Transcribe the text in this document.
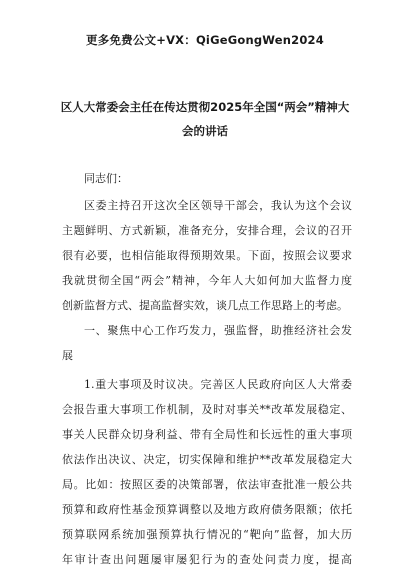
更多免费公文+VX：QiGeGongWen2024
区人大常委会主任在传达贯彻2025年全国“两会”精神大
会的讲话
同志们：
区委主持召开这次全区领导干部会，我认为这个会议
主题鲜明、方式新颖，准备充分，安排合理，会议的召开
很有必要，也相信能取得预期效果。下面，按照会议要求
我就贯彻全国“两会”精神，今年人大如何加大监督力度
创新监督方式、提高监督实效，谈几点工作思路上的考虑。
一、聚焦中心工作巧发力，强监督，助推经济社会发
展
1.重大事项及时议决。完善区人民政府向区人大常委
会报告重大事项工作机制，及时对事关**改革发展稳定、
事关人民群众切身利益、带有全局性和长远性的重大事项
依法作出决议、决定，切实保障和维护**改革发展稳定大
局。比如：按照区委的决策部署，依法审查批准一般公共
预算和政府性基金预算调整以及地方政府债务限额；依托
预算联网系统加强预算执行情况的“靶向”监督，加大历
年审计查出问题屡审屡犯行为的查处问责力度，提高
